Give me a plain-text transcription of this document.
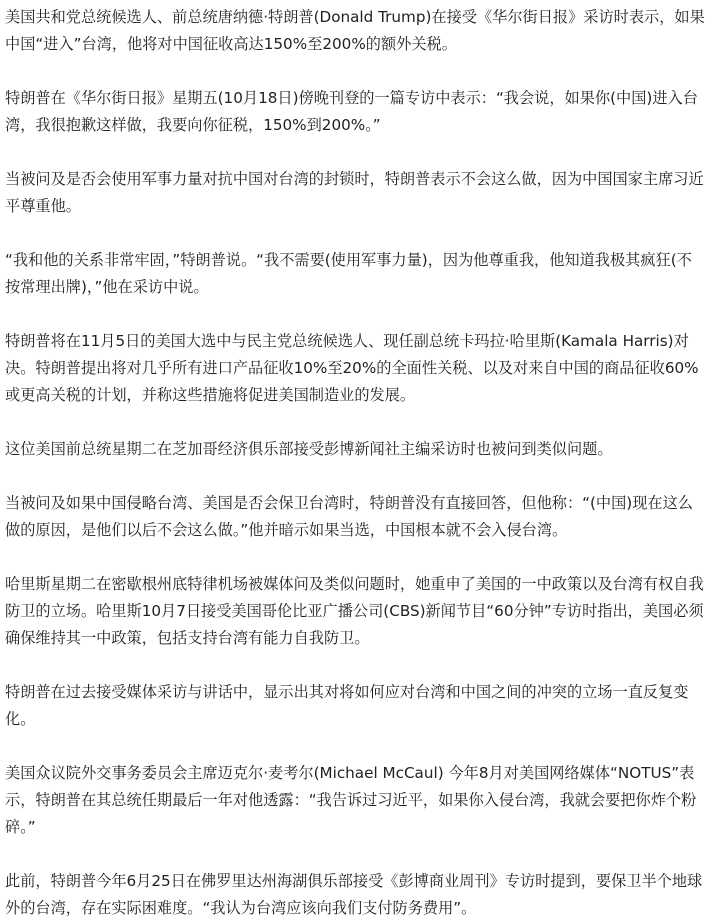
美国共和党总统候选人、前总统唐纳德·特朗普(Donald Trump)在接受《华尔街日报》采访时表示，如果中国“进入”台湾，他将对中国征收高达150%至200%的额外关税。

特朗普在《华尔街日报》星期五(10月18日)傍晚刊登的一篇专访中表示：“我会说，如果你(中国)进入台湾，我很抱歉这样做，我要向你征税，150%到200%。”

当被问及是否会使用军事力量对抗中国对台湾的封锁时，特朗普表示不会这么做，因为中国国家主席习近平尊重他。

“我和他的关系非常牢固，”特朗普说。“我不需要(使用军事力量)，因为他尊重我，他知道我极其疯狂(不按常理出牌)，”他在采访中说。

特朗普将在11月5日的美国大选中与民主党总统候选人、现任副总统卡玛拉·哈里斯(Kamala Harris)对决。特朗普提出将对几乎所有进口产品征收10%至20%的全面性关税、以及对来自中国的商品征收60%或更高关税的计划，并称这些措施将促进美国制造业的发展。

这位美国前总统星期二在芝加哥经济俱乐部接受彭博新闻社主编采访时也被问到类似问题。

当被问及如果中国侵略台湾、美国是否会保卫台湾时，特朗普没有直接回答，但他称：“(中国)现在这么做的原因，是他们以后不会这么做。”他并暗示如果当选，中国根本就不会入侵台湾。

哈里斯星期二在密歇根州底特律机场被媒体问及类似问题时，她重申了美国的一中政策以及台湾有权自我防卫的立场。哈里斯10月7日接受美国哥伦比亚广播公司(CBS)新闻节目“60分钟”专访时指出，美国必须确保维持其一中政策，包括支持台湾有能力自我防卫。

特朗普在过去接受媒体采访与讲话中，显示出其对将如何应对台湾和中国之间的冲突的立场一直反复变化。

美国众议院外交事务委员会主席迈克尔·麦考尔(Michael McCaul) 今年8月对美国网络媒体“NOTUS”表示，特朗普在其总统任期最后一年对他透露：“我告诉过习近平，如果你入侵台湾，我就会要把你炸个粉碎。”

此前，特朗普今年6月25日在佛罗里达州海湖俱乐部接受《彭博商业周刊》专访时提到，要保卫半个地球外的台湾，存在实际困难度。“我认为台湾应该向我们支付防务费用”。
